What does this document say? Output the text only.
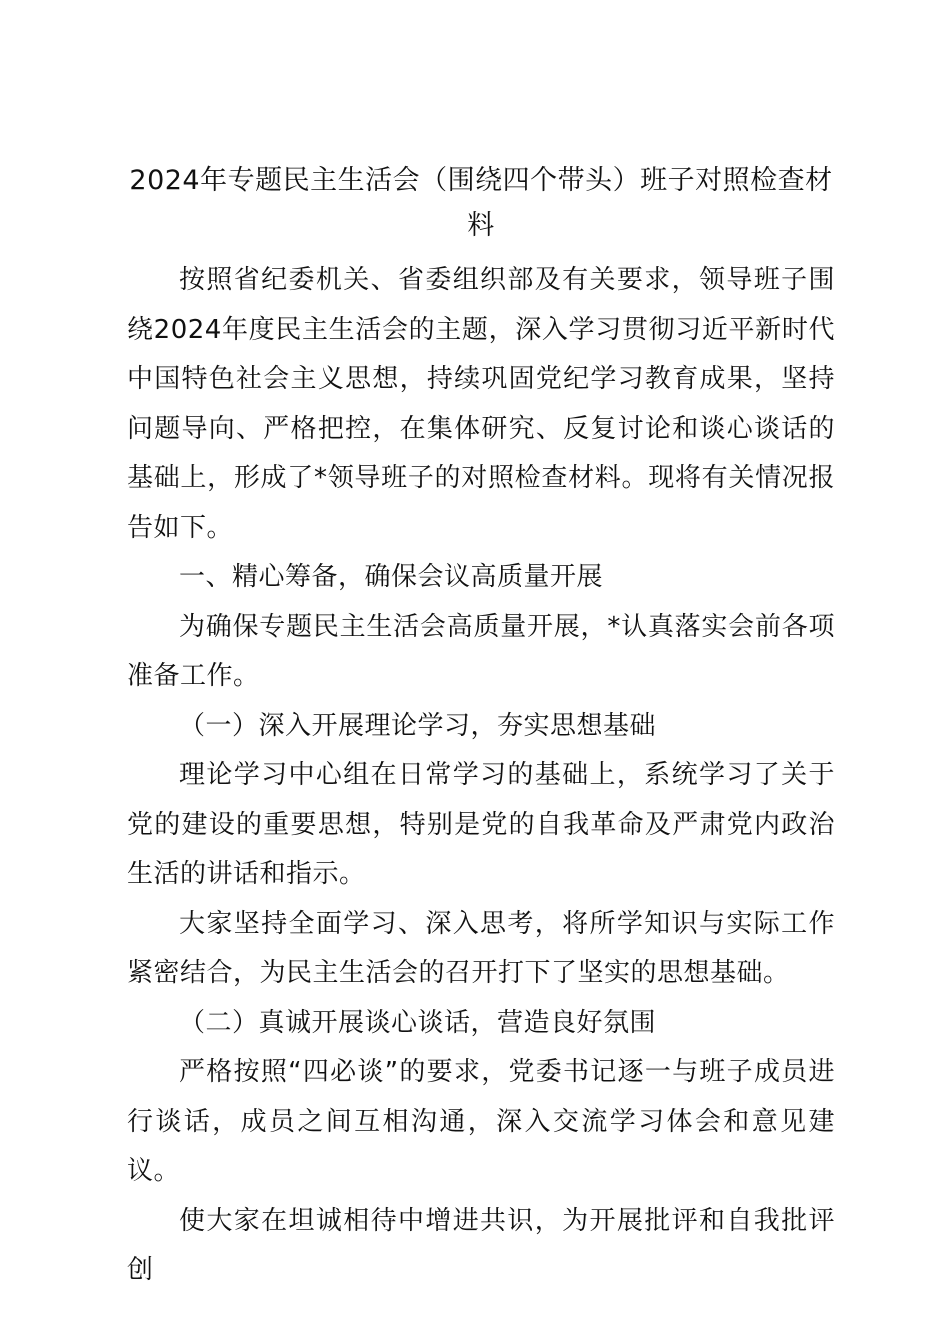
2024年专题民主生活会（围绕四个带头）班子对照检查材料

按照省纪委机关、省委组织部及有关要求，领导班子围绕2024年度民主生活会的主题，深入学习贯彻习近平新时代中国特色社会主义思想，持续巩固党纪学习教育成果，坚持问题导向、严格把控，在集体研究、反复讨论和谈心谈话的基础上，形成了*领导班子的对照检查材料。现将有关情况报告如下。

一、精心筹备，确保会议高质量开展

为确保专题民主生活会高质量开展，*认真落实会前各项准备工作。

（一）深入开展理论学习，夯实思想基础

理论学习中心组在日常学习的基础上，系统学习了关于党的建设的重要思想，特别是党的自我革命及严肃党内政治生活的讲话和指示。

大家坚持全面学习、深入思考，将所学知识与实际工作紧密结合，为民主生活会的召开打下了坚实的思想基础。

（二）真诚开展谈心谈话，营造良好氛围

严格按照“四必谈”的要求，党委书记逐一与班子成员进行谈话，成员之间互相沟通，深入交流学习体会和意见建议。

使大家在坦诚相待中增进共识，为开展批评和自我批评创
